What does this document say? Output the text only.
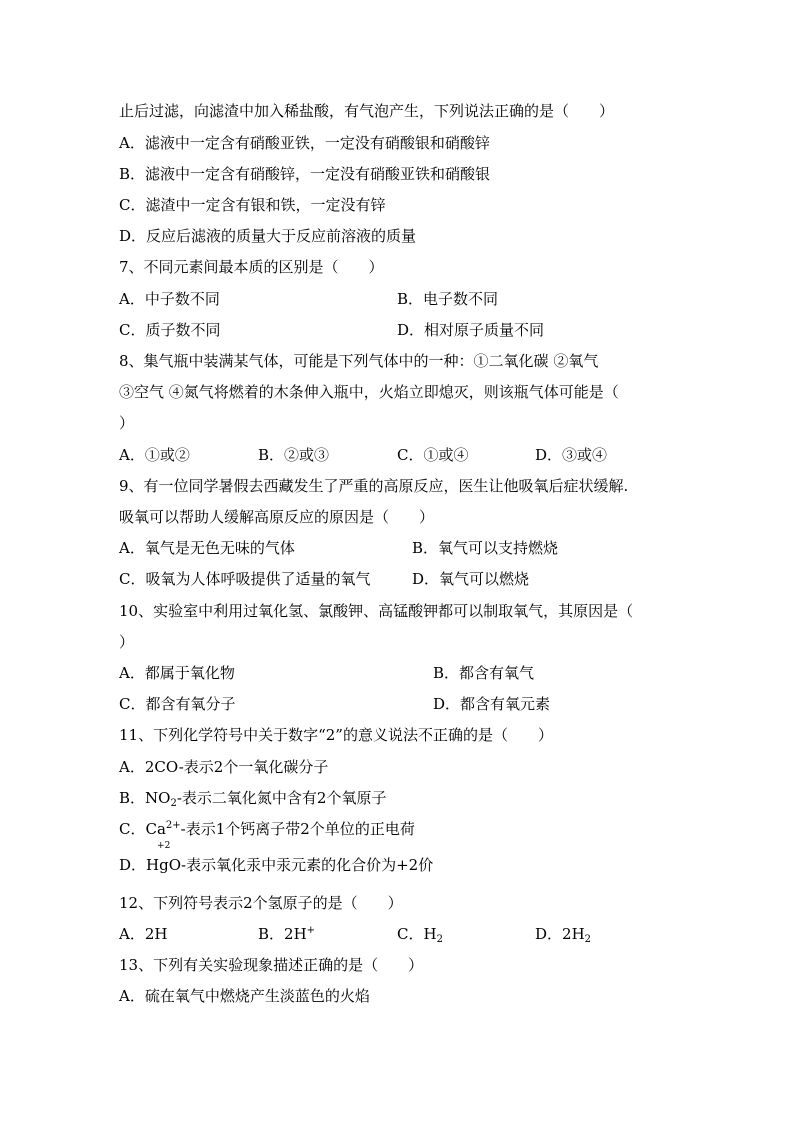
止后过滤，向滤渣中加入稀盐酸，有气泡产生，下列说法正确的是（　　）
A．滤液中一定含有硝酸亚铁，一定没有硝酸银和硝酸锌
B．滤液中一定含有硝酸锌，一定没有硝酸亚铁和硝酸银
C．滤渣中一定含有银和铁，一定没有锌
D．反应后滤液的质量大于反应前溶液的质量
7、不同元素间最本质的区别是（　　）
A．中子数不同	B．电子数不同
C．质子数不同	D．相对原子质量不同
8、集气瓶中装满某气体，可能是下列气体中的一种：①二氧化碳 ②氧气
③空气 ④氮气将燃着的木条伸入瓶中，火焰立即熄灭，则该瓶气体可能是（
）
A．①或②	B．②或③	C．①或④	D．③或④
9、有一位同学暑假去西藏发生了严重的高原反应，医生让他吸氧后症状缓解.
吸氧可以帮助人缓解高原反应的原因是（　　）
A．氧气是无色无味的气体	B．氧气可以支持燃烧
C．吸氧为人体呼吸提供了适量的氧气	D．氧气可以燃烧
10、实验室中利用过氧化氢、氯酸钾、高锰酸钾都可以制取氧气，其原因是（
）
A．都属于氧化物	B．都含有氧气
C．都含有氧分子	D．都含有氧元素
11、下列化学符号中关于数字“2”的意义说法不正确的是（　　）
A．2CO-表示2个一氧化碳分子
B．$NO_2-$表示二氧化氮中含有2个氧原子
C．$Ca^{2+}-$表示1个钙离子带2个单位的正电荷
D．
+2
HgO-表示氧化汞中汞元素的化合价为+2价
12、下列符号表示2个氢原子的是（　　）
A．2H	B．2H+	C．$H_2$	D．$2H_2$
13、下列有关实验现象描述正确的是（　　）
A．硫在氧气中燃烧产生淡蓝色的火焰
